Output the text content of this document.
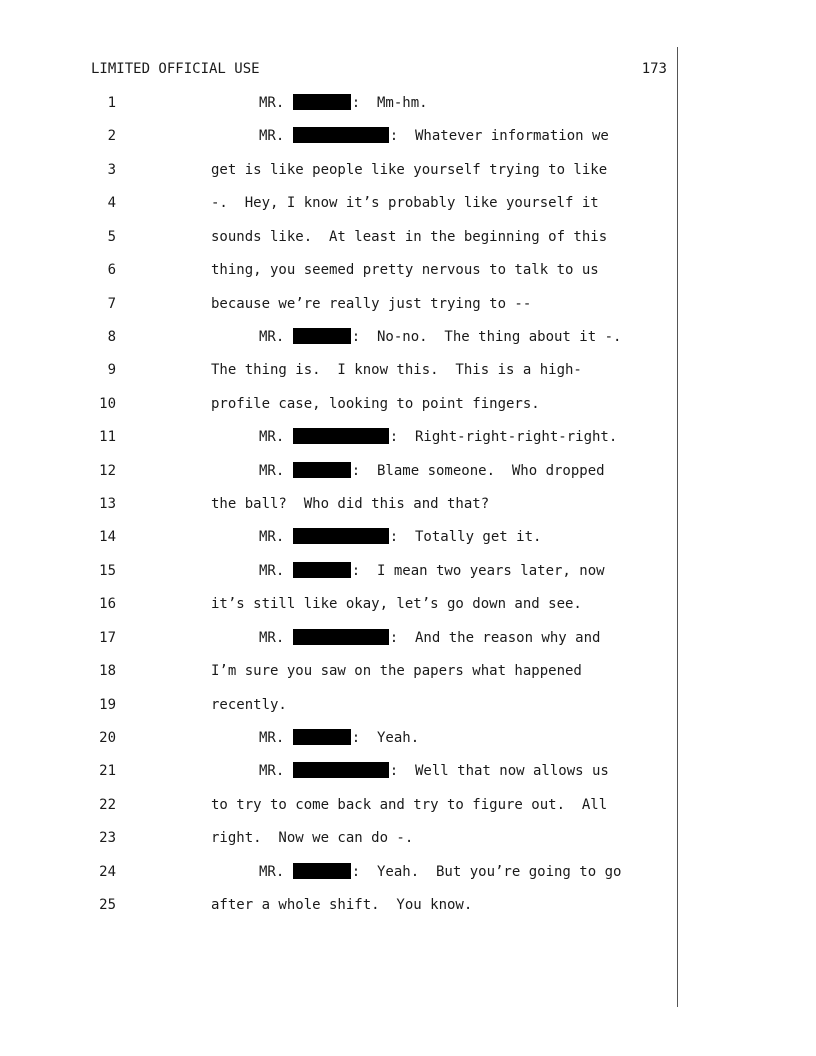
LIMITED OFFICIAL USE	173
1	MR.	:  Mm-hm.
2	MR.	:  Whatever information we
3	get is like people like yourself trying to like
4	-.  Hey, I know it’s probably like yourself it
5	sounds like.  At least in the beginning of this
6	thing, you seemed pretty nervous to talk to us
7	because we’re really just trying to --
8	MR.	:  No-no.  The thing about it -.
9	The thing is.  I know this.  This is a high-
10	profile case, looking to point fingers.
11	MR.	:  Right-right-right-right.
12	MR.	:  Blame someone.  Who dropped
13	the ball?  Who did this and that?
14	MR.	:  Totally get it.
15	MR.	:  I mean two years later, now
16	it’s still like okay, let’s go down and see.
17	MR.	:  And the reason why and
18	I’m sure you saw on the papers what happened
19	recently.
20	MR.	:  Yeah.
21	MR.	:  Well that now allows us
22	to try to come back and try to figure out.  All
23	right.  Now we can do -.
24	MR.	:  Yeah.  But you’re going to go
25	after a whole shift.  You know.
